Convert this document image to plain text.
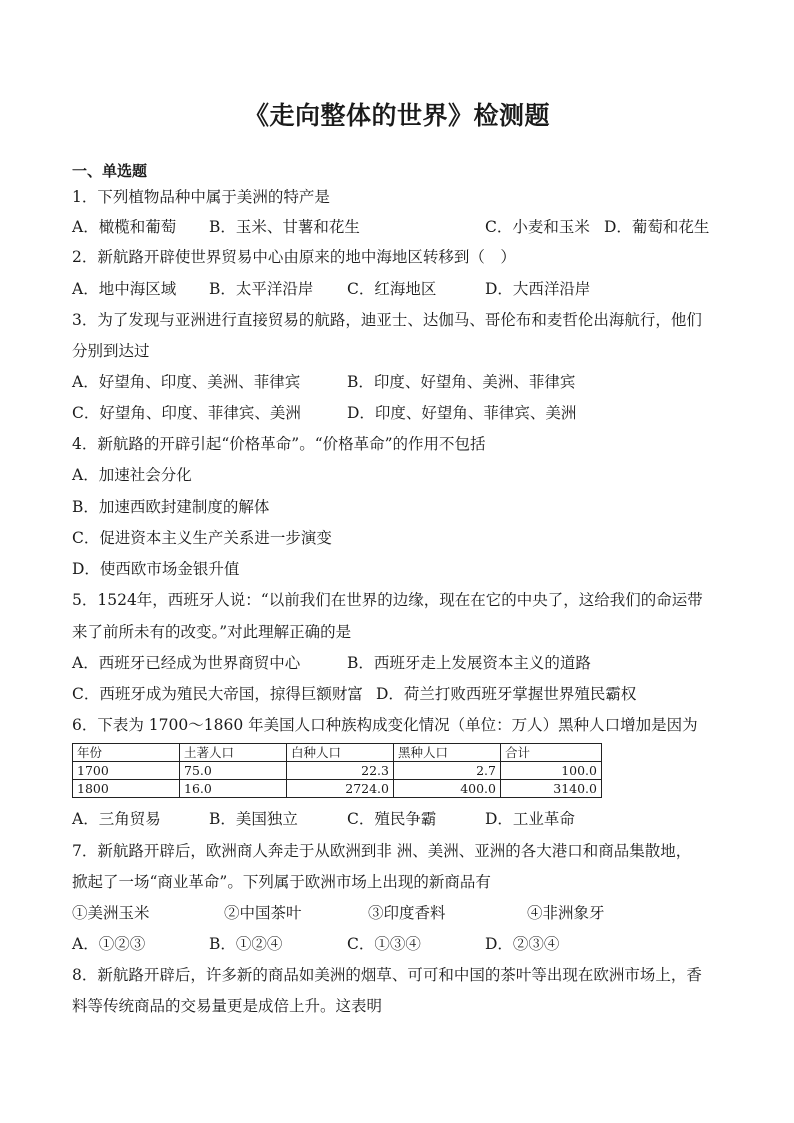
《走向整体的世界》检测题
一、单选题
1．下列植物品种中属于美洲的特产是
A．橄榄和葡萄 B．玉米、甘薯和花生	C．小麦和玉米 D．葡萄和花生
2．新航路开辟使世界贸易中心由原来的地中海地区转移到（　）
A．地中海区域 B．太平洋沿岸 C．红海地区	D．大西洋沿岸
3．为了发现与亚洲进行直接贸易的航路，迪亚士、达伽马、哥伦布和麦哲伦出海航行，他们
分别到达过
A．好望角、印度、美洲、菲律宾	B．印度、好望角、美洲、菲律宾
C．好望角、印度、菲律宾、美洲	D．印度、好望角、菲律宾、美洲
4．新航路的开辟引起“价格革命”。“价格革命”的作用不包括
A．加速社会分化
B．加速西欧封建制度的解体
C．促进资本主义生产关系进一步演变
D．使西欧市场金银升值
5．1524年，西班牙人说：“以前我们在世界的边缘，现在在它的中央了，这给我们的命运带
来了前所未有的改变。”对此理解正确的是
A．西班牙已经成为世界商贸中心	B．西班牙走上发展资本主义的道路
C．西班牙成为殖民大帝国，掠得巨额财富 D．荷兰打败西班牙掌握世界殖民霸权
6．下表为 1700～1860 年美国人口种族构成变化情况（单位：万人）黑种人口增加是因为
年份	土著人口	白种人口	黑种人口	合计
1700	75.0	22.3	2.7	100.0
1800	16.0	2724.0	400.0	3140.0
A．三角贸易	B．美国独立	C．殖民争霸	D．工业革命
7．新航路开辟后，欧洲商人奔走于从欧洲到非 洲、美洲、亚洲的各大港口和商品集散地，
掀起了一场“商业革命”。下列属于欧洲市场上出现的新商品有
①美洲玉米	②中国茶叶	③印度香料	④非洲象牙
A．①②③	B．①②④	C．①③④	D．②③④
8．新航路开辟后，许多新的商品如美洲的烟草、可可和中国的茶叶等出现在欧洲市场上，香
料等传统商品的交易量更是成倍上升。这表明
